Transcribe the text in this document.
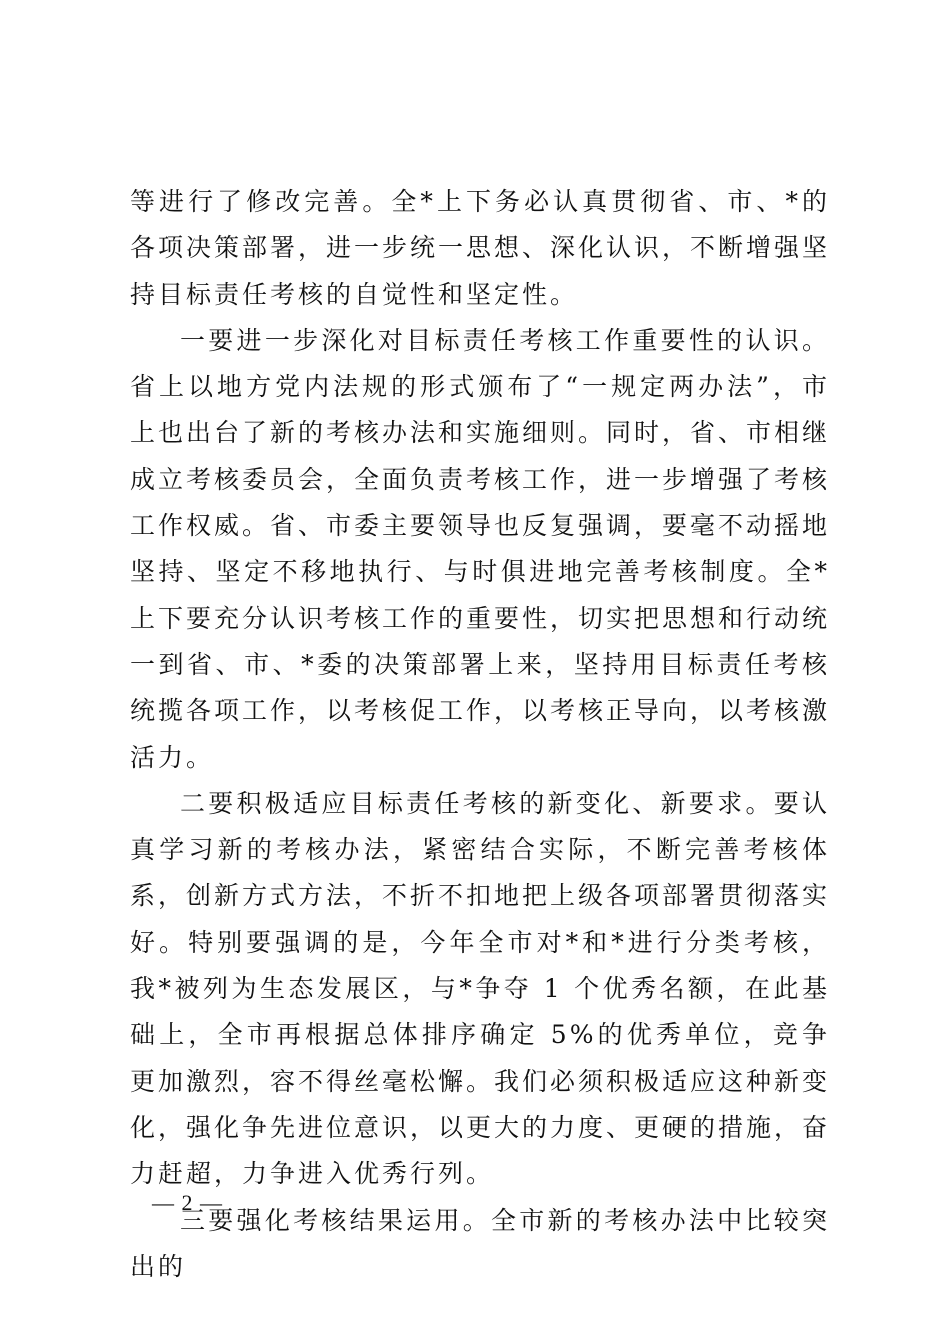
等进行了修改完善。全*上下务必认真贯彻省、市、*的各项决策部署，进一步统一思想、深化认识，不断增强坚持目标责任考核的自觉性和坚定性。

一要进一步深化对目标责任考核工作重要性的认识。省上以地方党内法规的形式颁布了“一规定两办法”，市上也出台了新的考核办法和实施细则。同时，省、市相继成立考核委员会，全面负责考核工作，进一步增强了考核工作权威。省、市委主要领导也反复强调，要毫不动摇地坚持、坚定不移地执行、与时俱进地完善考核制度。全*上下要充分认识考核工作的重要性，切实把思想和行动统一到省、市、*委的决策部署上来，坚持用目标责任考核统揽各项工作，以考核促工作，以考核正导向，以考核激活力。

二要积极适应目标责任考核的新变化、新要求。要认真学习新的考核办法，紧密结合实际，不断完善考核体系，创新方式方法，不折不扣地把上级各项部署贯彻落实好。特别要强调的是，今年全市对*和*进行分类考核，我*被列为生态发展区，与*争夺 1 个优秀名额，在此基础上，全市再根据总体排序确定 5%的优秀单位，竞争更加激烈，容不得丝毫松懈。我们必须积极适应这种新变化，强化争先进位意识，以更大的力度、更硬的措施，奋力赶超，力争进入优秀行列。

三要强化考核结果运用。全市新的考核办法中比较突出的

— 2 —
